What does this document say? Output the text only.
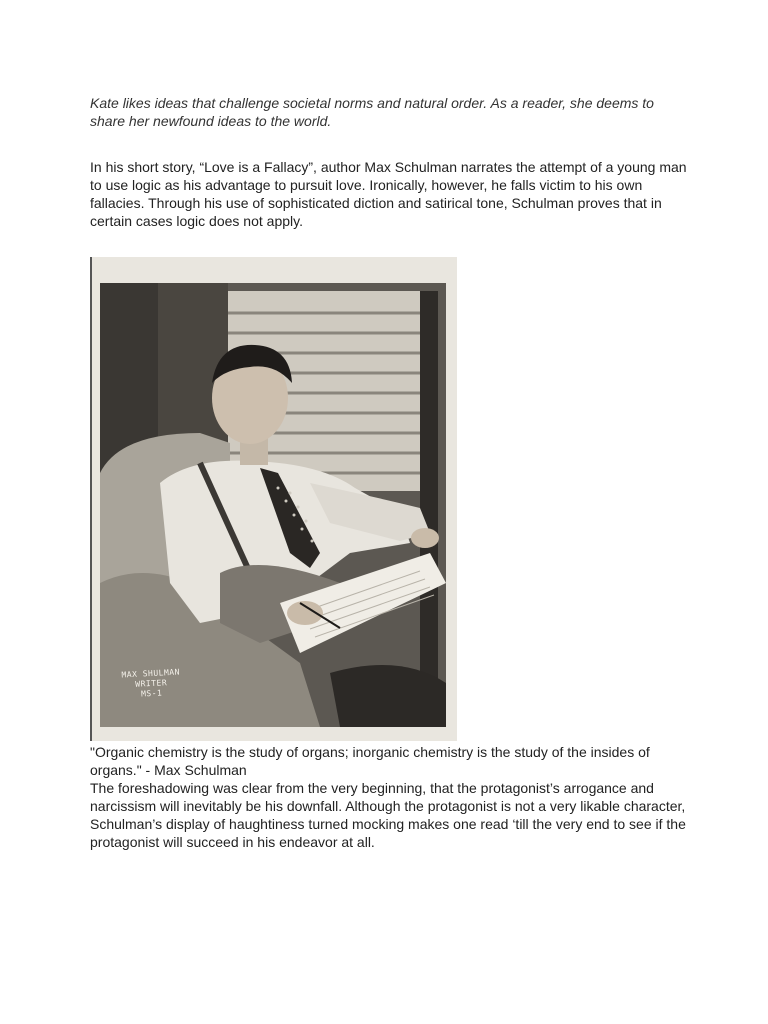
Kate likes ideas that challenge societal norms and natural order. As a reader, she deems to share her newfound ideas to the world.

In his short story, “Love is a Fallacy”, author Max Schulman narrates the attempt of a young man to use logic as his advantage to pursuit love. Ironically, however, he falls victim to his own fallacies. Through his use of sophisticated diction and satirical tone, Schulman proves that in certain cases logic does not apply.

MAX SHULMAN
WRITER
MS-1

"Organic chemistry is the study of organs; inorganic chemistry is the study of the insides of organs." - Max Schulman

The foreshadowing was clear from the very beginning, that the protagonist’s arrogance and narcissism will inevitably be his downfall. Although the protagonist is not a very likable character, Schulman’s display of haughtiness turned mocking makes one read ‘till the very end to see if the protagonist will succeed in his endeavor at all.
